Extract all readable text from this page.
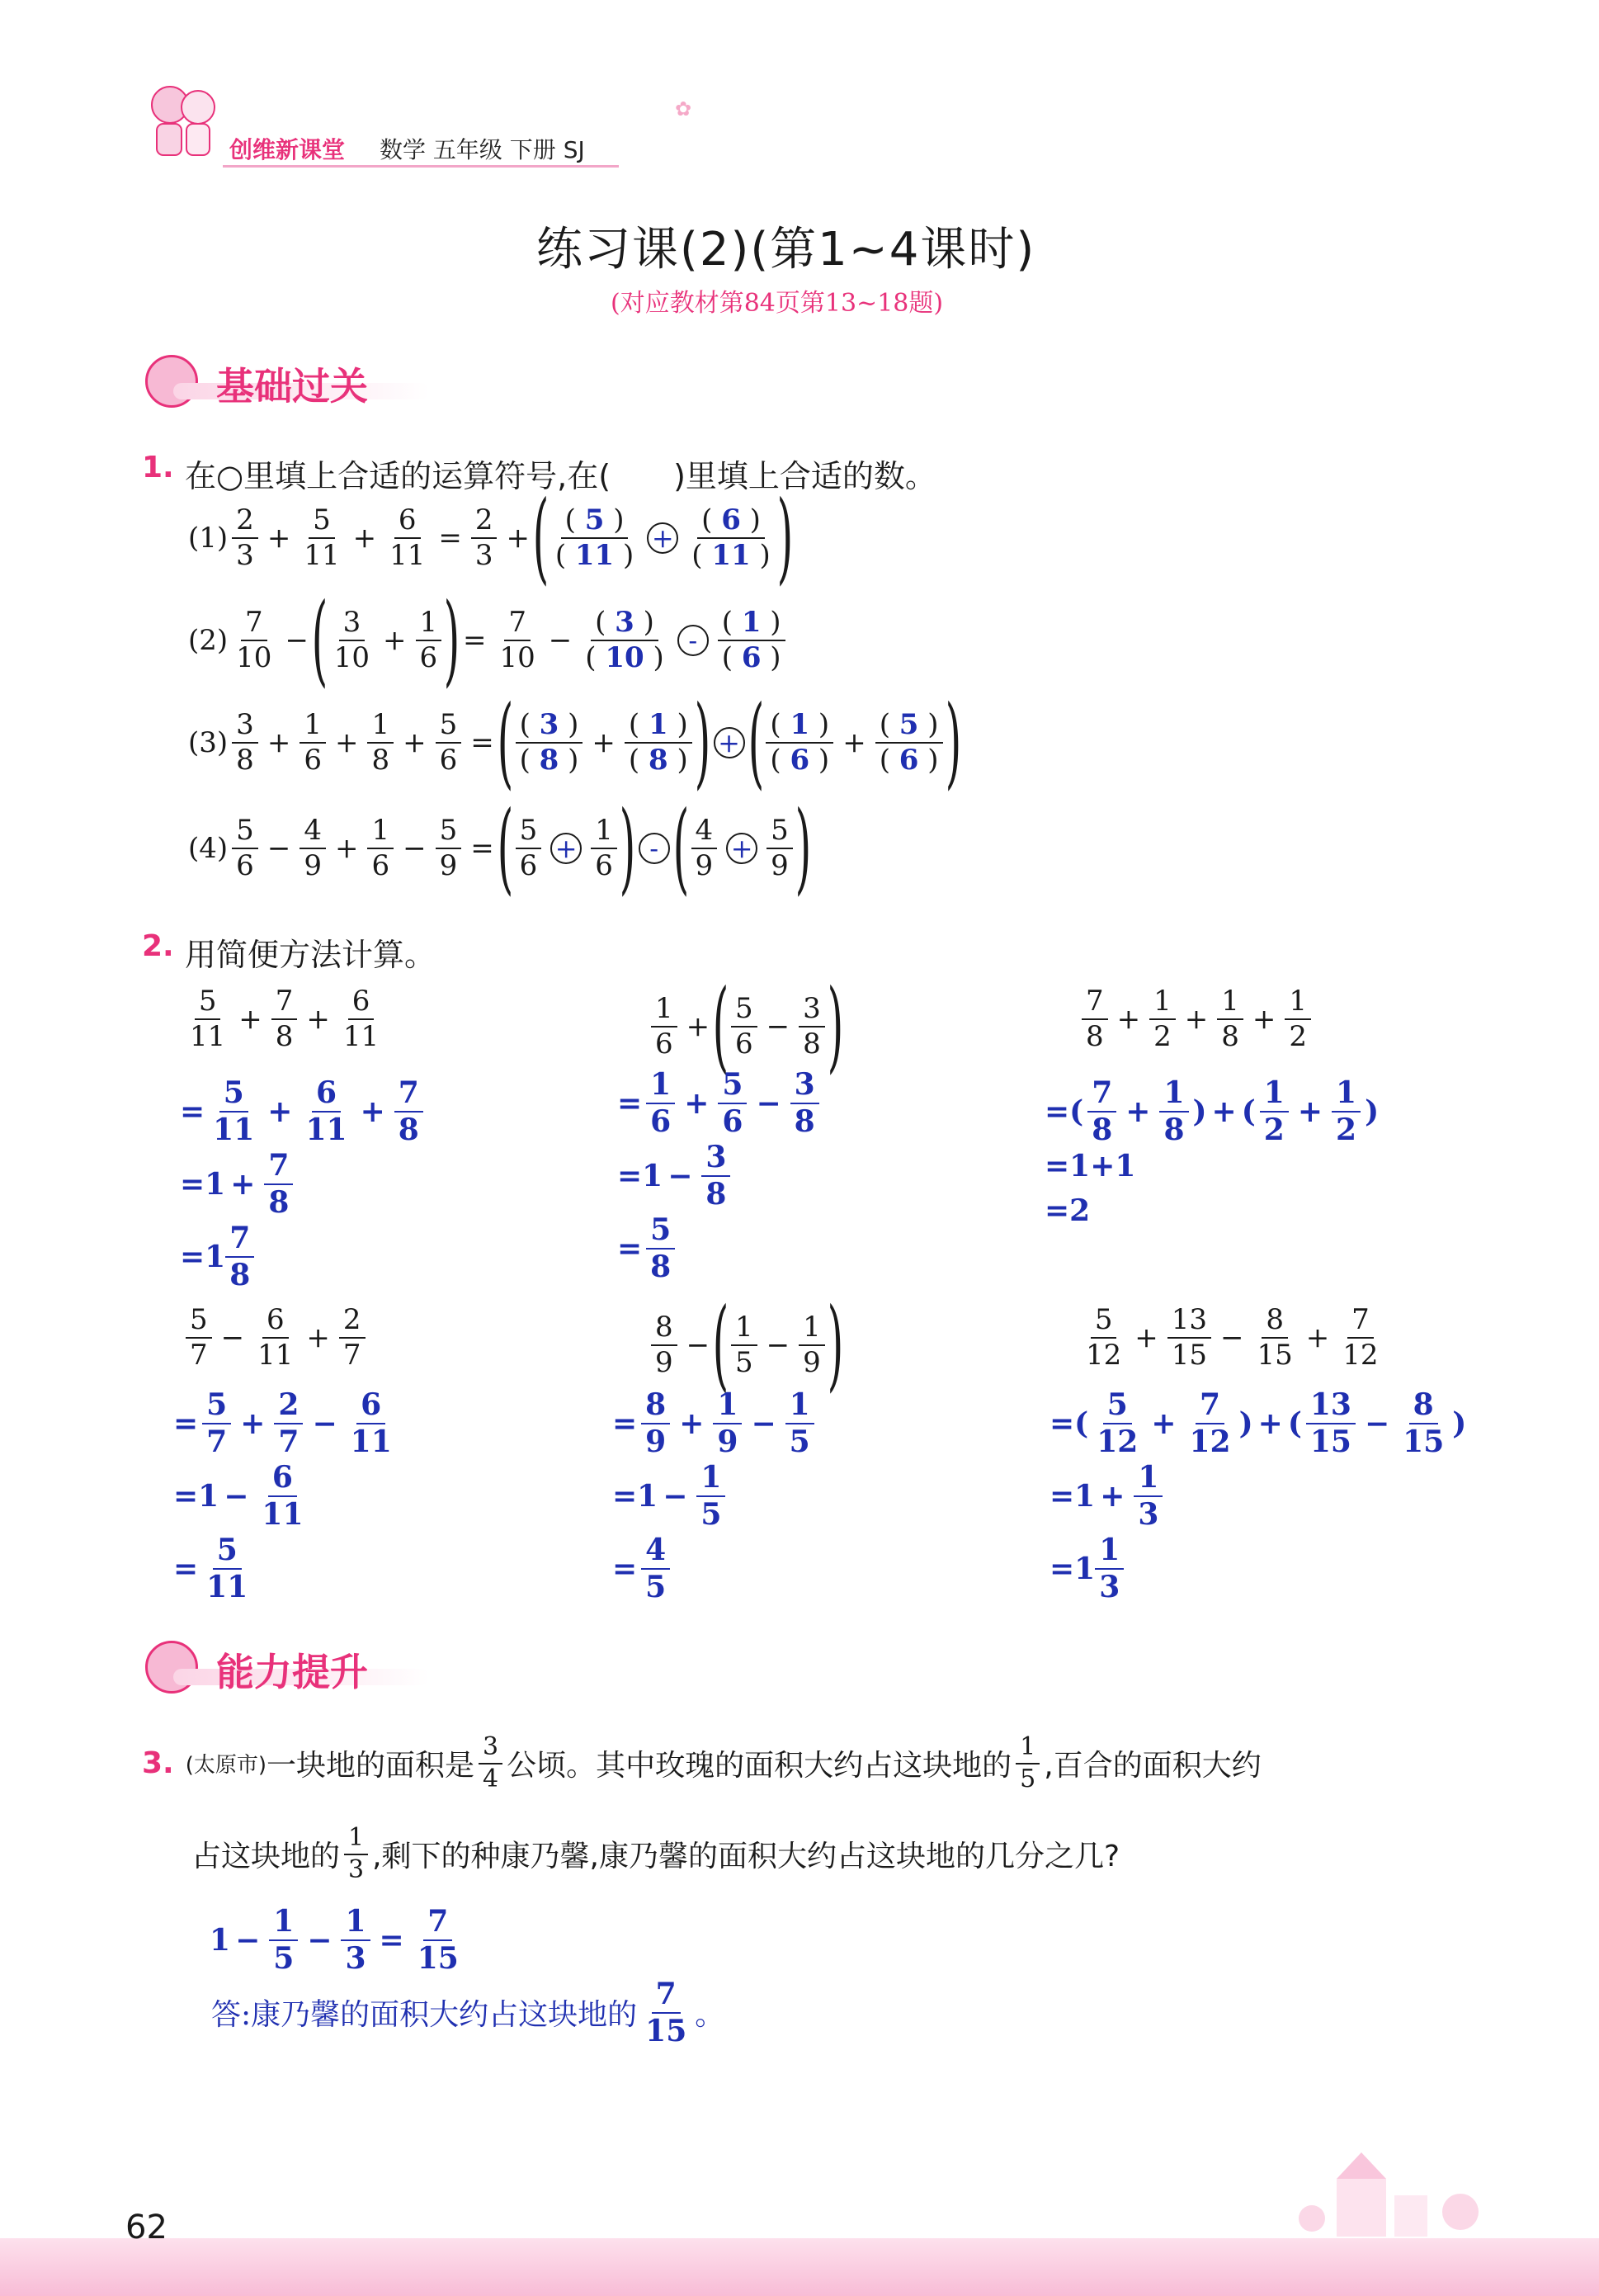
创维新课堂 数学 五年级 下册 SJ
✿
练习课(2)(第1~4课时)
(对应教材第84页第13~18题)
基础过关
1. 在○里填上合适的运算符号,在(　　)里填上合适的数。
$(1) \frac{2}{3} + \frac{5}{11} + \frac{6}{11} = \frac{2}{3}$ + ( $\frac{( 5 )}{( 11 )} + \frac{( 6 )}{( 11 )}$ )
$(2) \frac{7}{10}$ − ( $\frac{3}{10} + \frac{1}{6}$ ) = $\frac{7}{10} - \frac{( 3 )}{( 10 )} - \frac{( 1 )}{( 6 )}$
$(3) \frac{3}{8} + \frac{1}{6} + \frac{1}{8} + \frac{5}{6}$ = ( $\frac{( 3 )}{( 8 )} + \frac{( 1 )}{( 8 )}$ ) + ( $\frac{( 1 )}{( 6 )} + \frac{( 5 )}{( 6 )}$ )
$(4) \frac{5}{6} - \frac{4}{9} + \frac{1}{6} - \frac{5}{9}$ = ( $\frac{5}{6} + \frac{1}{6}$ ) - ( $\frac{4}{9} + \frac{5}{9}$ )
2. 用简便方法计算。
$\frac{5}{11} + \frac{7}{8} + \frac{6}{11}$
= $\frac{5}{11} + \frac{6}{11} + \frac{7}{8}$
$=1 + \frac{7}{8}$
$=1 \frac{7}{8}$
$\frac{1}{6}$ + ( $\frac{5}{6} - \frac{3}{8}$ )
= $\frac{1}{6} + \frac{5}{6} - \frac{3}{8}$
$=1 - \frac{3}{8}$
= $\frac{5}{8}$
$\frac{7}{8} + \frac{1}{2} + \frac{1}{8} + \frac{1}{2}$
=( $\frac{7}{8} + \frac{1}{8}$ ) + ( $\frac{1}{2} + \frac{1}{2}$ )
=1+1
=2
$\frac{5}{7} - \frac{6}{11} + \frac{2}{7}$
= $\frac{5}{7} + \frac{2}{7} - \frac{6}{11}$
$=1 - \frac{6}{11}$
= $\frac{5}{11}$
$\frac{8}{9}$ − ( $\frac{1}{5} - \frac{1}{9}$ )
= $\frac{8}{9} + \frac{1}{9} - \frac{1}{5}$
$=1 - \frac{1}{5}$
= $\frac{4}{5}$
$\frac{5}{12} + \frac{13}{15} - \frac{8}{15} + \frac{7}{12}$
=( $\frac{5}{12} + \frac{7}{12}$ ) + ( $\frac{13}{15} - \frac{8}{15}$ )
$=1 + \frac{1}{3}$
$=1 \frac{1}{3}$
能力提升
3. (太原市) 一块地的面积是 $\frac{3}{4}$ 公顷。其中玫瑰的面积大约占这块地的 $\frac{1}{5}$ ,百合的面积大约
占这块地的 $\frac{1}{3}$ ,剩下的种康乃馨,康乃馨的面积大约占这块地的几分之几?
$1 - \frac{1}{5} - \frac{1}{3} = \frac{7}{15}$
答:康乃馨的面积大约占这块地的 $\frac{7}{15}$ 。
62
